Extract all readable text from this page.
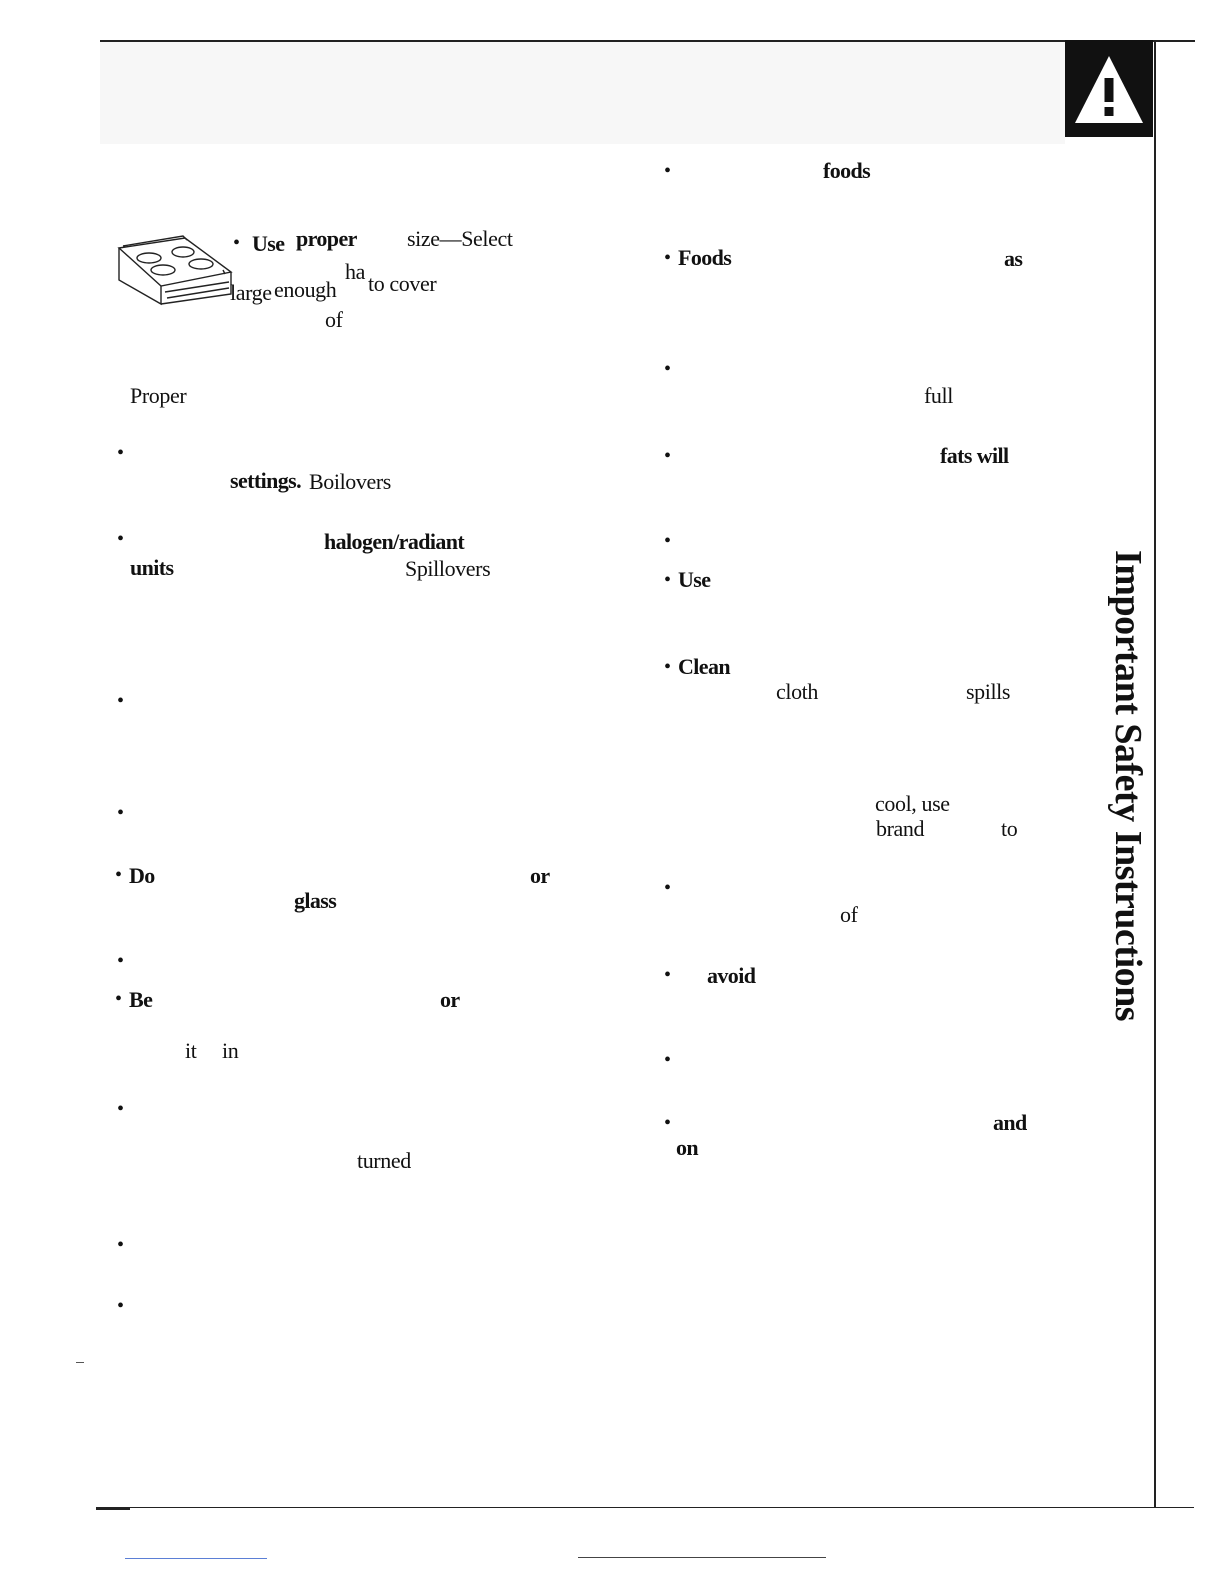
Important Safety Instructions
• Use proper size—Select
ha
large enough to cover
of
Proper
•
settings. Boilovers
•	halogen/radiant
units	Spillovers
•
•
• Do	or
glass
•
• Be	or
it in
•
turned
•
•
•	foods
• Foods	as
•
full
•	fats will
•
• Use
• Clean
cloth	spills
cool, use
brand	to
•
of
• avoid
•
•	and
on
